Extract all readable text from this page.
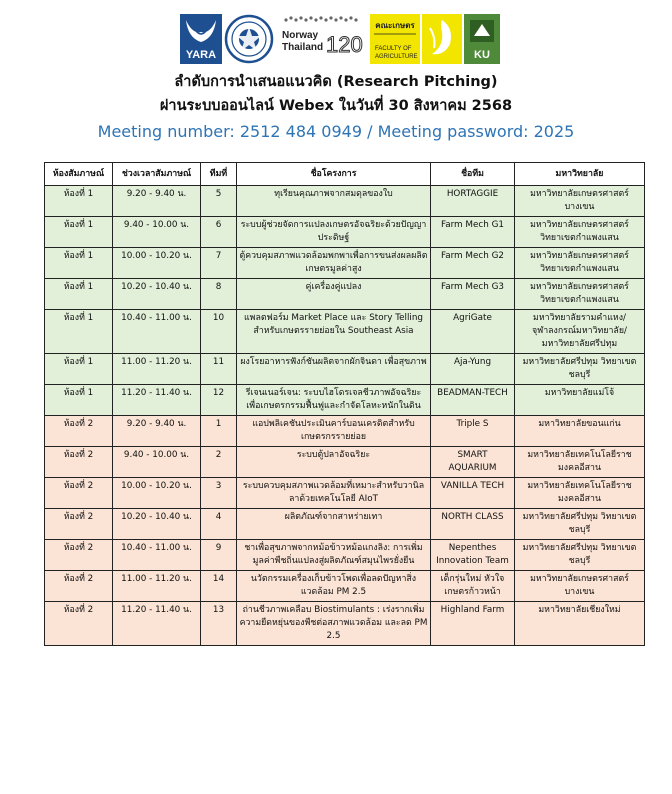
YARA
Norway
Thailand 120
คณะเกษตร
FACULTY OF
AGRICULTURE	KU
ลำดับการนำเสนอแนวคิด (Research Pitching)
ผ่านระบบออนไลน์ Webex ในวันที่ 30 สิงหาคม 2568
Meeting number: 2512 484 0949 / Meeting password: 2025
ห้องสัมภาษณ์	ช่วงเวลาสัมภาษณ์	ทีมที่	ชื่อโครงการ	ชื่อทีม	มหาวิทยาลัย
ห้องที่ 1	9.20 - 9.40 น.	5	ทุเรียนคุณภาพจากสมดุลของใบ	HORTAGGIE	มหาวิทยาลัยเกษตรศาสตร์ บางเขน
ห้องที่ 1	9.40 - 10.00 น.	6	ระบบผู้ช่วยจัดการแปลงเกษตรอัจฉริยะด้วยปัญญาประดิษฐ์	Farm Mech G1	มหาวิทยาลัยเกษตรศาสตร์ วิทยาเขตกำแพงแสน
ห้องที่ 1	10.00 - 10.20 น.	7	ตู้ควบคุมสภาพแวดล้อมพกพาเพื่อการขนส่งผลผลิตเกษตรมูลค่าสูง	Farm Mech G2	มหาวิทยาลัยเกษตรศาสตร์ วิทยาเขตกำแพงแสน
ห้องที่ 1	10.20 - 10.40 น.	8	คู่เครื่องคู่แปลง	Farm Mech G3	มหาวิทยาลัยเกษตรศาสตร์ วิทยาเขตกำแพงแสน
ห้องที่ 1	10.40 - 11.00 น.	10	แพลตฟอร์ม Market Place และ Story Telling สำหรับเกษตรรายย่อยใน Southeast Asia	AgriGate	มหาวิทยาลัยรามคำแหง/ จุฬาลงกรณ์มหาวิทยาลัย/ มหาวิทยาลัยศรีปทุม
ห้องที่ 1	11.00 - 11.20 น.	11	ผงโรยอาหารฟังก์ชันผลิตจากผักจินดา เพื่อสุขภาพ	Aja-Yung	มหาวิทยาลัยศรีปทุม วิทยาเขตชลบุรี
ห้องที่ 1	11.20 - 11.40 น.	12	รีเจนเนอร์เจน: ระบบไฮโดรเจลชีวภาพอัจฉริยะเพื่อเกษตรกรรมฟื้นฟูและกำจัดโลหะหนักในดิน	BEADMAN-TECH	มหาวิทยาลัยแม่โจ้
ห้องที่ 2	9.20 - 9.40 น.	1	แอปพลิเคชันประเมินคาร์บอนเครดิตสำหรับเกษตรกรรายย่อย	Triple S	มหาวิทยาลัยขอนแก่น
ห้องที่ 2	9.40 - 10.00 น.	2	ระบบตู้ปลาอัจฉริยะ	SMART AQUARIUM	มหาวิทยาลัยเทคโนโลยีราชมงคลอีสาน
ห้องที่ 2	10.00 - 10.20 น.	3	ระบบควบคุมสภาพแวดล้อมที่เหมาะสำหรับวานิลลาด้วยเทคโนโลยี AIoT	VANILLA TECH	มหาวิทยาลัยเทคโนโลยีราชมงคลอีสาน
ห้องที่ 2	10.20 - 10.40 น.	4	ผลิตภัณฑ์จากสาหร่ายเทา	NORTH CLASS	มหาวิทยาลัยศรีปทุม วิทยาเขตชลบุรี
ห้องที่ 2	10.40 - 11.00 น.	9	ชาเพื่อสุขภาพจากหม้อข้าวหม้อแกงลิง: การเพิ่มมูลค่าพืชถิ่นแปลงสู่ผลิตภัณฑ์สมุนไพรยั่งยืน	Nepenthes Innovation Team	มหาวิทยาลัยศรีปทุม วิทยาเขตชลบุรี
ห้องที่ 2	11.00 - 11.20 น.	14	นวัตกรรมเครื่องเก็บข้าวโพดเพื่อลดปัญหาสิ่งแวดล้อม PM 2.5	เด็กรุ่นใหม่ หัวใจเกษตรก้าวหน้า	มหาวิทยาลัยเกษตรศาสตร์ บางเขน
ห้องที่ 2	11.20 - 11.40 น.	13	ถ่านชีวภาพเคลือบ Biostimulants : เร่งรากเพิ่มความยืดหยุ่นของพืชต่อสภาพแวดล้อม และลด PM 2.5	Highland Farm	มหาวิทยาลัยเชียงใหม่
